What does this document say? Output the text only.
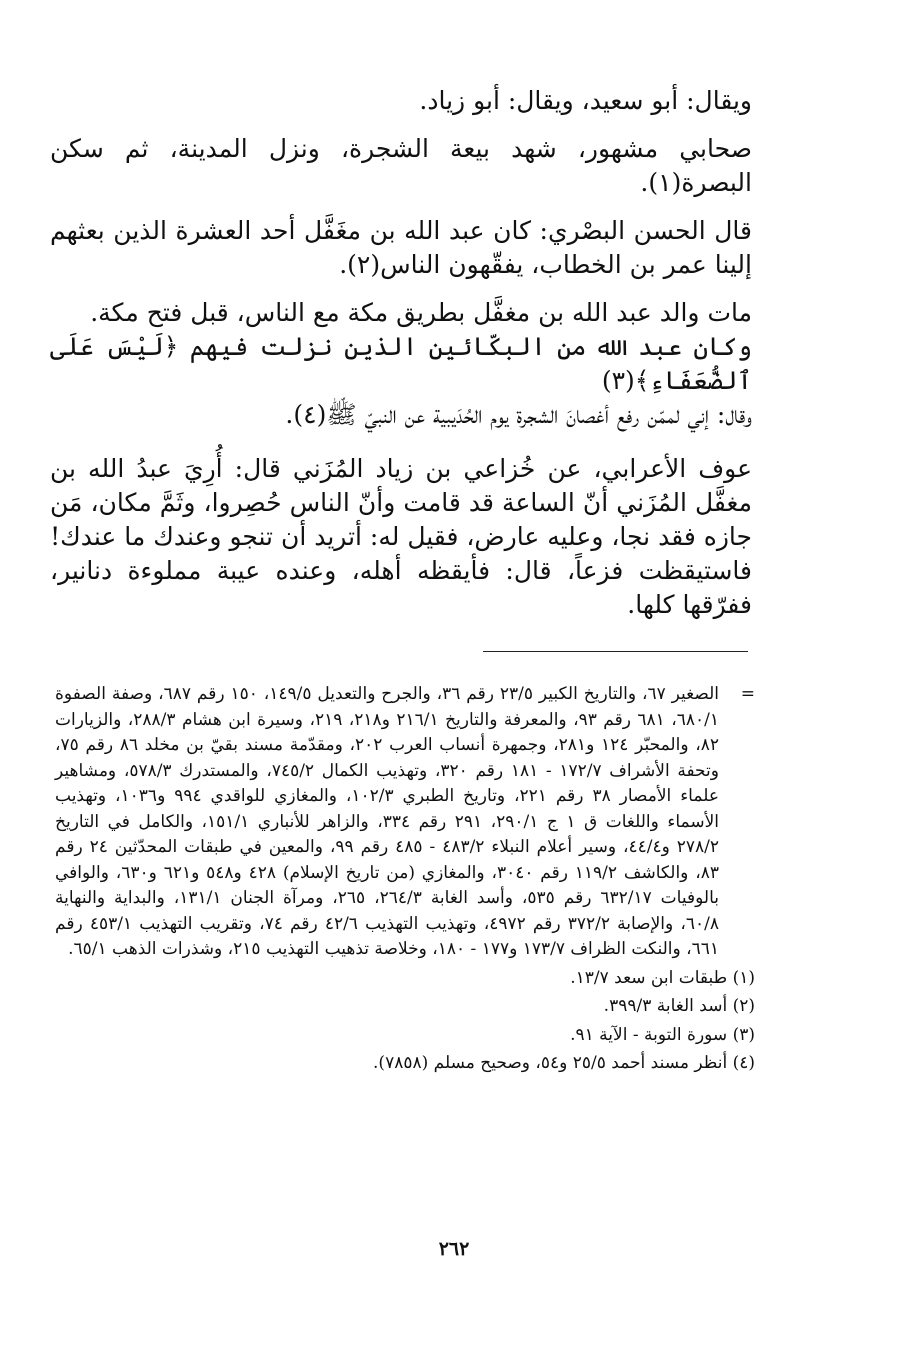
ويقال: أبو سعيد، ويقال: أبو زياد.

صحابي مشهور، شهد بيعة الشجرة، ونزل المدينة، ثم سكن البصرة(١).

قال الحسن البصْري: كان عبد الله بن مغَفَّل أحد العشرة الذين بعثهم إلينا عمر بن الخطاب، يفقّهون الناس(٢).

مات والد عبد الله بن مغفَّل بطريق مكة مع الناس، قبل فتح مكة.

وكان عبد الله من البكّائين الذين نزلت فيهم ﴿لَيْسَ عَلَى ٱلضُّعَفَاءِ﴾(٣)

وقال: إني لممّن رفع أغصانَ الشجرة يوم الحُدَيبية عن النبيّ ﷺ(٤).

عوف الأعرابي، عن خُزاعي بن زياد المُزَني قال: أُرِيَ عبدُ الله بن مغفَّل المُزَني أنّ الساعة قد قامت وأنّ الناس حُصِروا، وثَمَّ مكان، مَن جازه فقد نجا، وعليه عارض، فقيل له: أتريد أن تنجو وعندك ما عندك!

فاستيقظت فزعاً، قال: فأيقظه أهله، وعنده عيبة مملوءة دنانير، ففرّقها كلها.

=
الصغير ٦٧، والتاريخ الكبير ٢٣/٥ رقم ٣٦، والجرح والتعديل ١٤٩/٥، ١٥٠ رقم ٦٨٧، وصفة الصفوة ٦٨٠/١، ٦٨١ رقم ٩٣، والمعرفة والتاريخ ٢١٦/١ و٢١٨، ٢١٩، وسيرة ابن هشام ٢٨٨/٣، والزيارات ٨٢، والمحبّر ١٢٤ و٢٨١، وجمهرة أنساب العرب ٢٠٢، ومقدّمة مسند بقيّ بن مخلد ٨٦ رقم ٧٥، وتحفة الأشراف ١٧٢/٧ - ١٨١ رقم ٣٢٠، وتهذيب الكمال ٧٤٥/٢، والمستدرك ٥٧٨/٣، ومشاهير علماء الأمصار ٣٨ رقم ٢٢١، وتاريخ الطبري ١٠٢/٣، والمغازي للواقدي ٩٩٤ و١٠٣٦، وتهذيب الأسماء واللغات ق ١ ج ٢٩٠/١، ٢٩١ رقم ٣٣٤، والزاهر للأنباري ١٥١/١، والكامل في التاريخ ٢٧٨/٢ و٤٤/٤، وسير أعلام النبلاء ٤٨٣/٢ - ٤٨٥ رقم ٩٩، والمعين في طبقات المحدّثين ٢٤ رقم ٨٣، والكاشف ١١٩/٢ رقم ٣٠٤٠، والمغازي (من تاريخ الإسلام) ٤٢٨ و٥٤٨ و٦٢١ و٦٣٠، والوافي بالوفيات ٦٣٢/١٧ رقم ٥٣٥، وأسد الغابة ٢٦٤/٣، ٢٦٥، ومرآة الجنان ١٣١/١، والبداية والنهاية ٦٠/٨، والإصابة ٣٧٢/٢ رقم ٤٩٧٢، وتهذيب التهذيب ٤٢/٦ رقم ٧٤، وتقريب التهذيب ٤٥٣/١ رقم ٦٦١، والنكت الظراف ١٧٣/٧ و١٧٧ - ١٨٠، وخلاصة تذهيب التهذيب ٢١٥، وشذرات الذهب ٦٥/١.

(١) طبقات ابن سعد ١٣/٧.

(٢) أسد الغابة ٣٩٩/٣.

(٣) سورة التوبة - الآية ٩١.

(٤) أنظر مسند أحمد ٢٥/٥ و٥٤، وصحيح مسلم (٧٨٥٨).

٢٦٢
